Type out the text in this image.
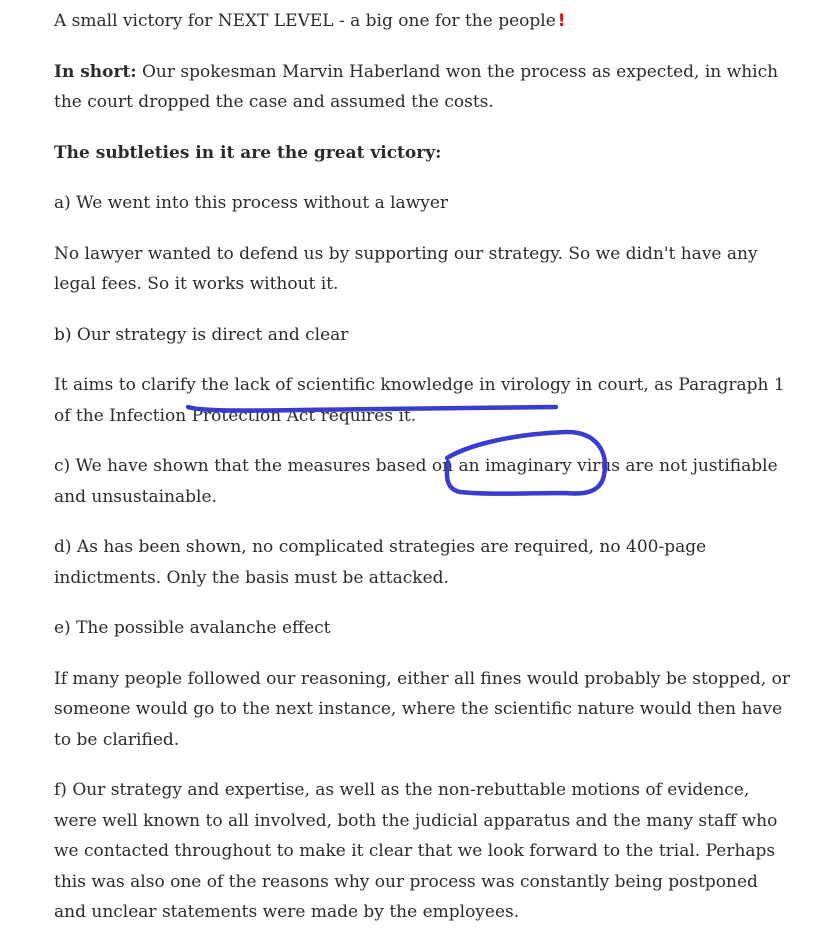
A small victory for NEXT LEVEL - a big one for the people !

In short: Our spokesman Marvin Haberland won the process as expected, in which the court dropped the case and assumed the costs.

The subtleties in it are the great victory:

a) We went into this process without a lawyer

No lawyer wanted to defend us by supporting our strategy. So we didn't have any legal fees. So it works without it.

b) Our strategy is direct and clear

It aims to clarify the lack of scientific knowledge in virology in court, as Paragraph 1 of the Infection Protection Act requires it.

c) We have shown that the measures based on an imaginary virus are not justifiable and unsustainable.

d) As has been shown, no complicated strategies are required, no 400-page indictments. Only the basis must be attacked.

e) The possible avalanche effect

If many people followed our reasoning, either all fines would probably be stopped, or someone would go to the next instance, where the scientific nature would then have to be clarified.

f) Our strategy and expertise, as well as the non-rebuttable motions of evidence, were well known to all involved, both the judicial apparatus and the many staff who we contacted throughout to make it clear that we look forward to the trial. Perhaps this was also one of the reasons why our process was constantly being postponed and unclear statements were made by the employees.
